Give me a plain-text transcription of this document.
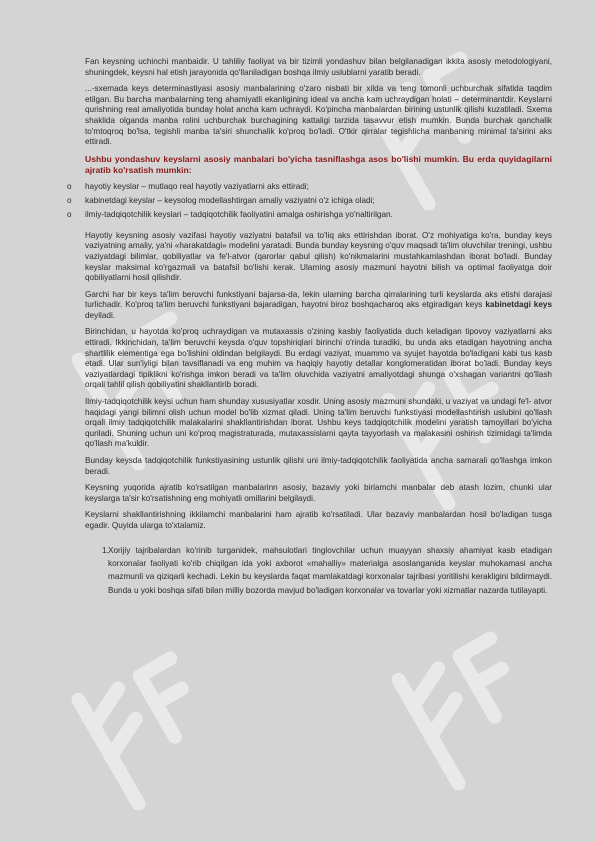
Fan keysning uchinchi manbaidir. U tahliliy faoliyat va bir tizimli yondashuv bilan belgilanadigan ikkita asosiy metodologiyani, shuningdek, keysni hal etish jarayonida qo'llaniladigan boshqa ilmiy uslublarni yaratib beradi.

...-sxemada keys determinastiyasi asosiy manbalarining o'zaro nisbati bir xilda va teng tomonli uchburchak sifatida taqdim etilgan. Bu barcha manbalarning teng ahamiyatli ekanligining ideal va ancha kam uchraydigan holati – determinantdir. Keyslarni qurishning real amaliyotida bunday holat ancha kam uchraydi. Ko'pincha manbalardan birining ustunlik qilishi kuzatiladi. Sxema shaklida olganda manba rolini uchburchak burchagining kattaligi tarzida tasavvur etish mumkin. Bunda burchak qanchalik to'mtoqroq bo'lsa, tegishli manba ta'siri shunchalik ko'proq bo'ladi. O'tkir qirralar tegishlicha manbaning minimal ta'sirini aks ettiradi.

Ushbu yondashuv keyslarni asosiy manbalari bo'yicha tasniflashga asos bo'lishi mumkin. Bu erda quyidagilarni ajratib ko'rsatish mumkin:

o hayotiy keyslar – mutlaqo real hayotiy vaziyatlarni aks ettiradi;
o kabinetdagi keyslar – keysolog modellashtirgan amaliy vaziyatni o'z ichiga oladi;
o ilmiy-tadqiqotchilik keyslari – tadqiqotchilik faoliyatini amalga oshirishga yo'naltirilgan.

Hayotiy keysning asosiy vazifasi hayotiy vaziyatni batafsil va to'liq aks ettirishdan iborat. O'z mohiyatiga ko'ra, bunday keys vaziyatning amaliy, ya'ni «harakatdagi» modelini yaratadi. Bunda bunday keysning o'quv maqsadi ta'lim oluvchilar treningi, ushbu vaziyatdagi bilimlar, qobiliyatlar va fe'l-atvor (qarorlar qabul qilish) ko'nikmalarini mustahkamlashdan iborat bo'ladi. Bunday keyslar maksimal ko'rgazmali va batafsil bo'lishi kerak. Ularning asosiy mazmuni hayotni bilish va optimal faoliyatga doir qobiliyatlarni hosil qilishdir.

Garchi har bir keys ta'lim beruvchi funkstiyani bajarsa-da, lekin ularning barcha qirralarining turli keyslarda aks etishi darajasi turlichadir. Ko'proq ta'lim beruvchi funkstiyani bajaradigan, hayotni biroz boshqacharoq aks etgiradigan keys kabinetdagi keys deyiladi.

Birinchidan, u hayotda ko'proq uchraydigan va mutaxassis o'zining kasbiy faoliyatida duch keladigan tipovoy vaziyatlarni aks ettiradi. Ikkinchidan, ta'lim beruvchi keysda o'quv topshiriqlari birinchi o'rinda turadiki, bu unda aks etadigan hayotning ancha shartlilik elementiga ega bo'lishini oldindan belgilaydi. Bu erdagi vaziyat, muammo va syujet hayotda bo'ladigani kabi tus kasb etadi. Ular sun'iyligi bilan tavsiflanadi va eng muhim va haqiqiy hayotiy detallar konglomeratidan iborat bo'ladi. Bunday keys vaziyatlardagi tipiklikni ko'rishga imkon beradi va ta'lim oluvchida vaziyatni amaliyotdagi shunga o'xshagan variantni qo'llash orqali tahlil qilish qobiliyatini shakllantirib boradi.

Ilmiy-tadqiqotchilik keysi uchun ham shunday xususiyatlar xosdir. Uning asosiy mazmuni shundaki, u vaziyat va undagi fe'l- atvor haqidagi yangi bilimni olish uchun model bo'lib xizmat qiladi. Uning ta'lim beruvchi funkstiyasi modellashtirish uslubini qo'llash orqali ilmiy tadqiqotchilik malakalarini shakllantirishdan iborat. Ushbu keys tadqiqotchilik modelini yaratish tamoyillari bo'yicha quriladi. Shuning uchun uni ko'proq magistraturada, mutaxassislarni qayta tayyorlash va malakasini oshirish tizimidagi ta'limda qo'llash ma'kuldir.

Bunday keysda tadqiqotchilik funkstiyasining ustunlik qilishi uni ilmiy-tadqiqotchilik faoliyatida ancha samarali qo'llashga imkon beradi.

Keysning yuqorida ajratib ko'rsatilgan manbalarinn asosiy, bazaviy yoki birlamchi manbalar deb atash lozim, chunki ular keyslarga ta'sir ko'rsatishning eng mohiyatli omillarini belgilaydi.

Keyslarni shakllantirishning ikkilamchi manbalarini ham ajratib ko'rsatiladi. Ular bazaviy manbalardan hosil bo'ladigan tusga egadir. Quyida ularga to'xtalamiz.

1. Xorijiy tajribalardan ko'rinib turganidek, mahsulotlari tinglovchilar uchun muayyan shaxsiy ahamiyat kasb etadigan korxonalar faoliyati ko'rib chiqilgan ida yoki axborot «mahalliy» materialga asoslanganida keyslar muhokamasi ancha mazmunli va qiziqarli kechadi. Lekin bu keyslarda faqat mamlakatdagi korxonalar tajribasi yoritilishi kerakligini bildirmaydi. Bunda u yoki boshqa sifati bilan milliy bozorda mavjud bo'ladigan korxonalar va tovarlar yoki xizmatlar nazarda tutilayapti.
